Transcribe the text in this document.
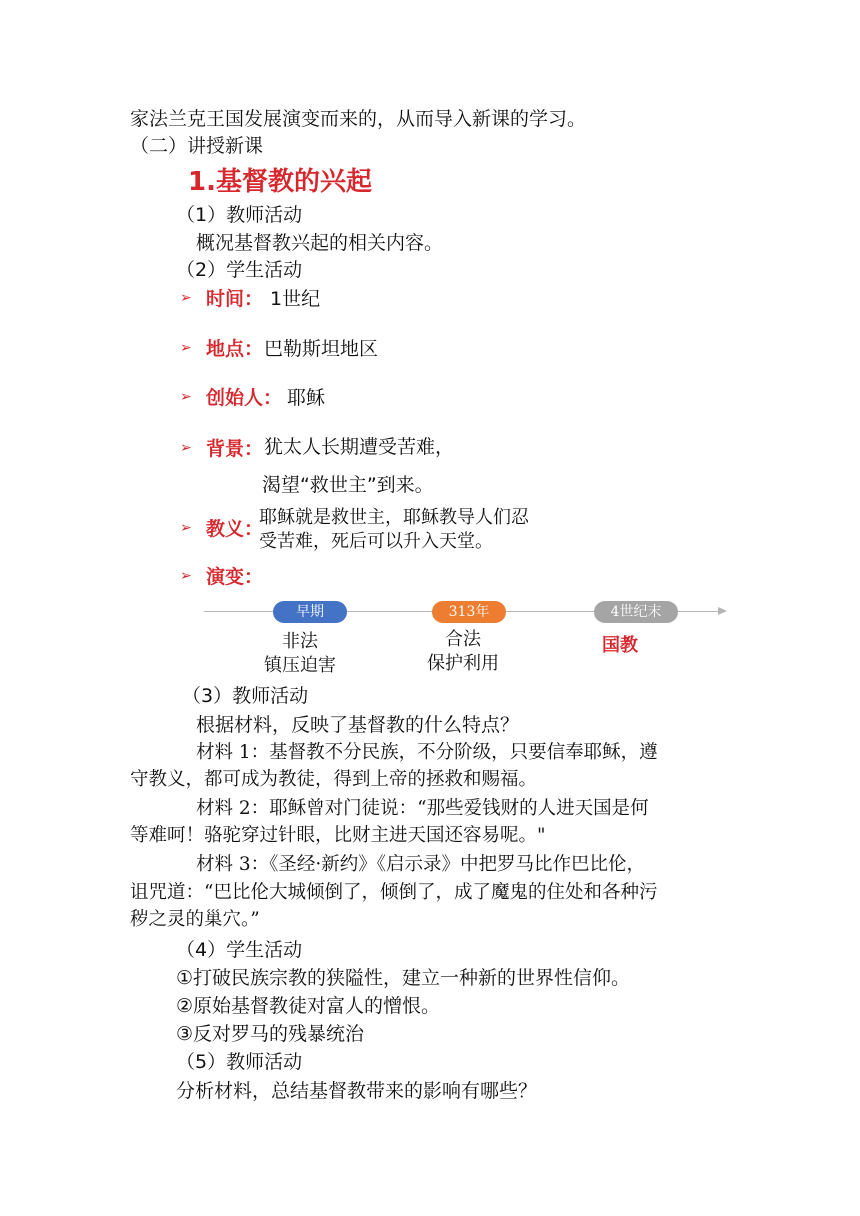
家法兰克王国发展演变而来的，从而导入新课的学习。
（二）讲授新课
1.基督教的兴起
（1）教师活动
概况基督教兴起的相关内容。
（2）学生活动
➢ 时间： 1世纪
➢ 地点： 巴勒斯坦地区
➢ 创始人： 耶稣
➢ 背景： 犹太人长期遭受苦难，
渴望“救世主”到来。
➢ 教义：
耶稣就是救世主，耶稣教导人们忍
受苦难，死后可以升入天堂。
➢ 演变：
早期	313年	4世纪末
非法
镇压迫害
合法
保护利用
国教
（3）教师活动
根据材料，反映了基督教的什么特点？
材料 1：基督教不分民族，不分阶级，只要信奉耶稣，遵
守教义，都可成为教徒，得到上帝的拯救和赐福。
材料 2：耶稣曾对门徒说：“那些爱钱财的人进天国是何
等难呵！骆驼穿过针眼，比财主进天国还容易呢。"
材料 3：《圣经·新约》《启示录》中把罗马比作巴比伦，
诅咒道：“巴比伦大城倾倒了，倾倒了，成了魔鬼的住处和各种污
秽之灵的巢穴。”
（4）学生活动
①打破民族宗教的狭隘性，建立一种新的世界性信仰。
②原始基督教徒对富人的憎恨。
③反对罗马的残暴统治
（5）教师活动
分析材料，总结基督教带来的影响有哪些？
